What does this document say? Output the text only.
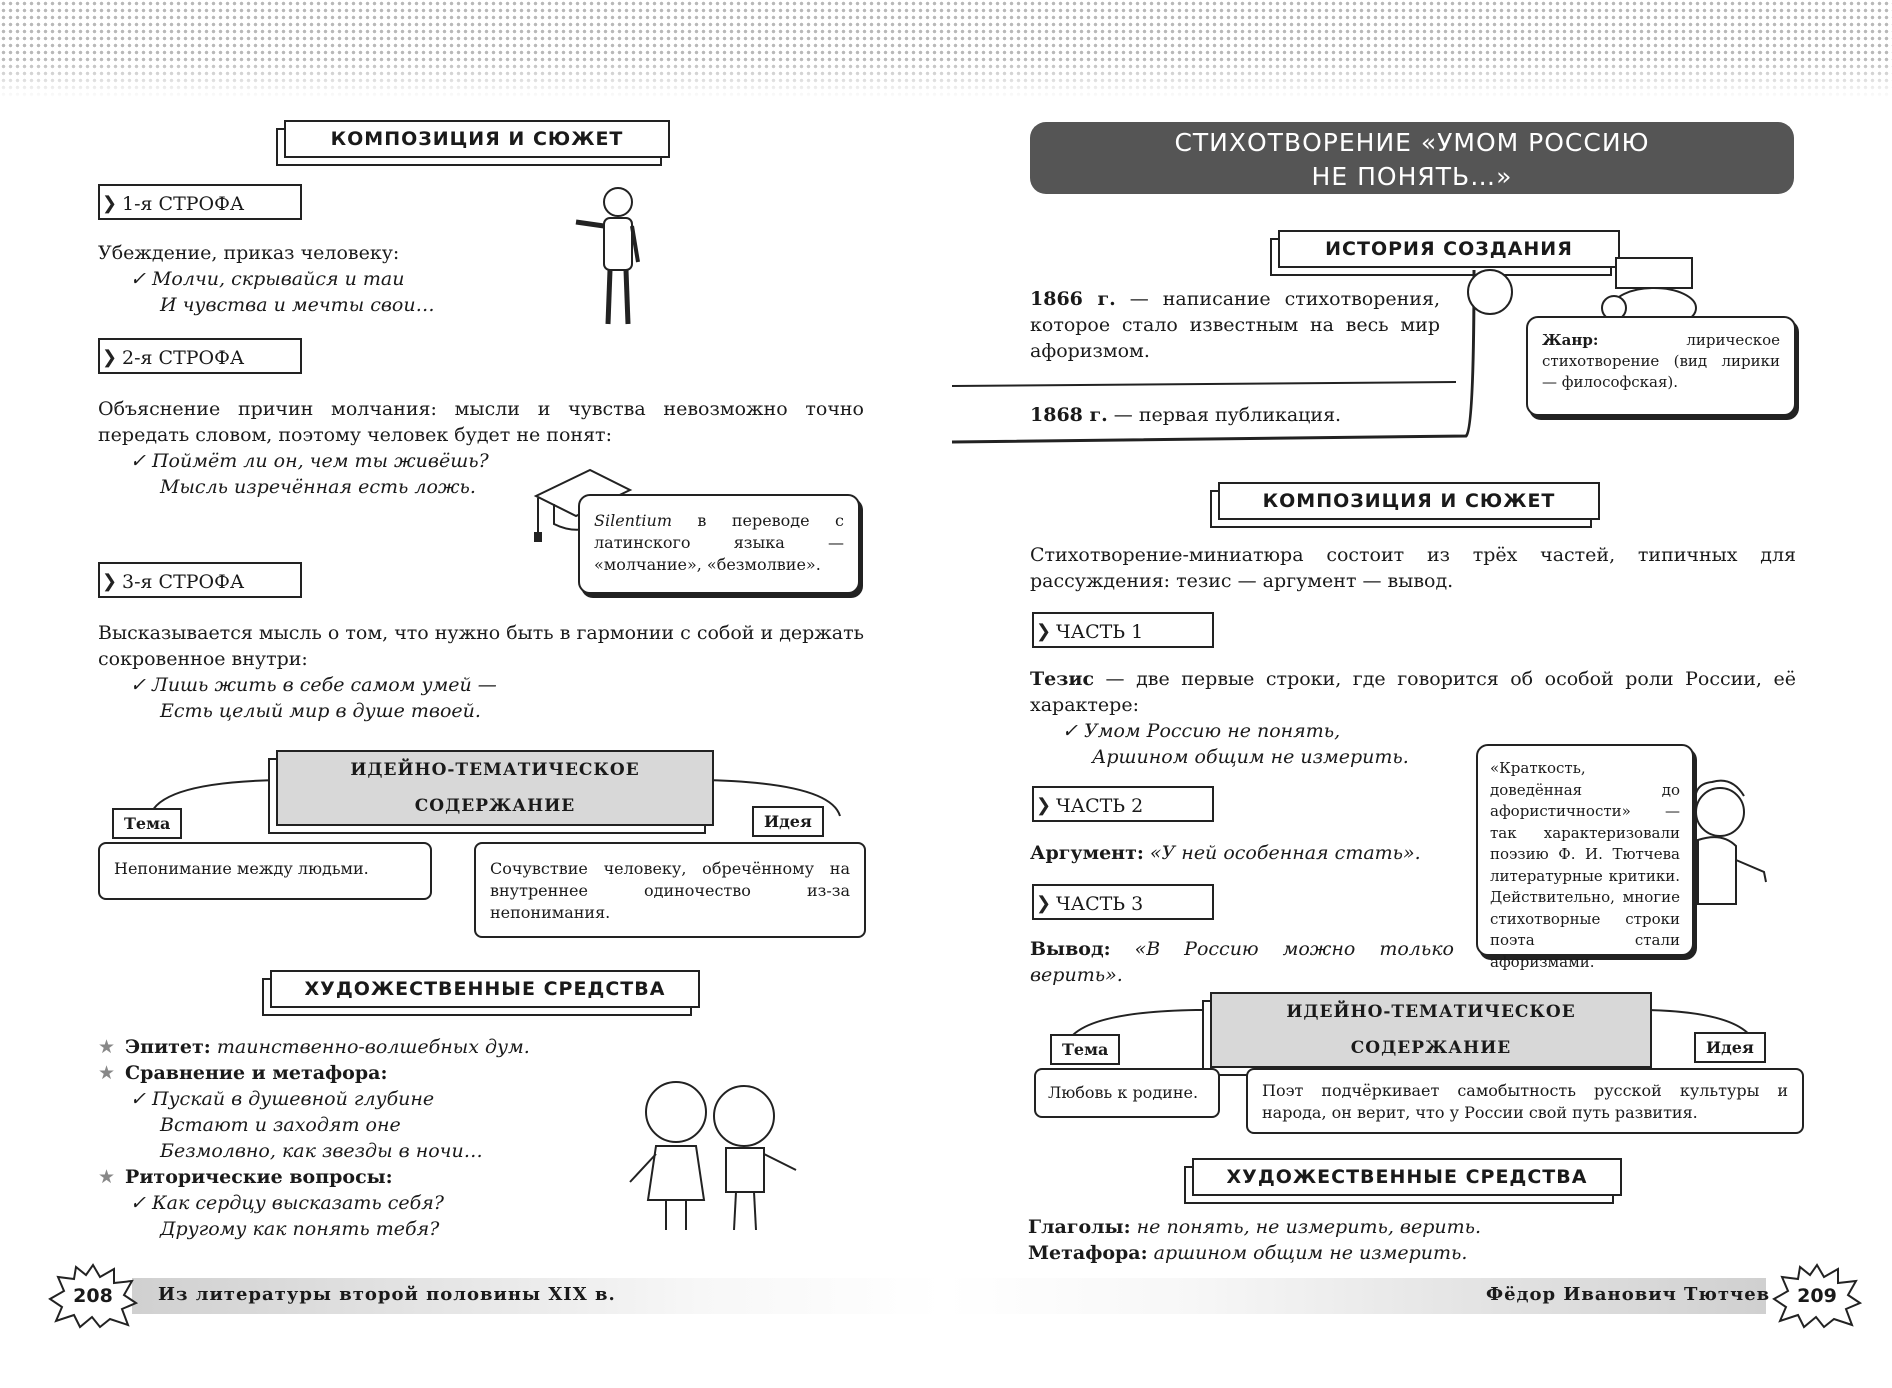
КОМПОЗИЦИЯ И СЮЖЕТ
❯ 1-я СТРОФА
Убеждение, приказ человеку:
✓ Молчи, скрывайся и таи
И чувства и мечты свои…
❯ 2-я СТРОФА
Объяснение причин молчания: мысли и чувства невозможно точно передать словом, поэтому человек будет не понят:
✓ Поймёт ли он, чем ты живёшь?
Мысль изречённая есть ложь.
Silentium в переводе с латинского языка — «молчание», «безмолвие».
❯ 3-я СТРОФА
Высказывается мысль о том, что нужно быть в гармонии с собой и держать сокровенное внутри:
✓ Лишь жить в себе самом умей —
Есть целый мир в душе твоей.
ИДЕЙНО-ТЕМАТИЧЕСКОЕ СОДЕРЖАНИЕ
Тема	Идея
Непонимание между людьми.	Сочувствие человеку, обречённому на внутреннее одиночество из-за непонимания.
ХУДОЖЕСТВЕННЫЕ СРЕДСТВА
★ Эпитет: таинственно-волшебных дум.
★ Сравнение и метафора:
✓ Пускай в душевной глубине
Встают и заходят оне
Безмолвно, как звезды в ночи…
★ Риторические вопросы:
✓ Как сердцу высказать себя?
Другому как понять тебя?
Из литературы второй половины XIX в.
208
СТИХОТВОРЕНИЕ «УМОМ РОССИЮ
НЕ ПОНЯТЬ…»
ИСТОРИЯ СОЗДАНИЯ
1866 г. — написание стихотворения, которое стало известным на весь мир афоризмом.
1868 г. — первая публикация.
Жанр: лирическое стихотворение (вид лирики — философская).
КОМПОЗИЦИЯ И СЮЖЕТ
Стихотворение-миниатюра состоит из трёх частей, типичных для рассуждения: тезис — аргумент — вывод.
❯ ЧАСТЬ 1
Тезис — две первые строки, где говорится об особой роли России, её характере:
✓ Умом Россию не понять,
Аршином общим не измерить.
❯ ЧАСТЬ 2
Аргумент: «У ней особенная стать».
❯ ЧАСТЬ 3
Вывод: «В Россию можно только верить».
«Краткость, доведённая до афористичности» — так характеризовали поэзию Ф. И. Тютчева литературные критики. Действительно, многие стихотворные строки поэта стали афоризмами.
ИДЕЙНО-ТЕМАТИЧЕСКОЕ СОДЕРЖАНИЕ
Тема	Идея
Любовь к родине.	Поэт подчёркивает самобытность русской культуры и народа, он верит, что у России свой путь развития.
ХУДОЖЕСТВЕННЫЕ СРЕДСТВА
Глаголы: не понять, не измерить, верить.
Метафора: аршином общим не измерить.
Фёдор Иванович Тютчев	209
